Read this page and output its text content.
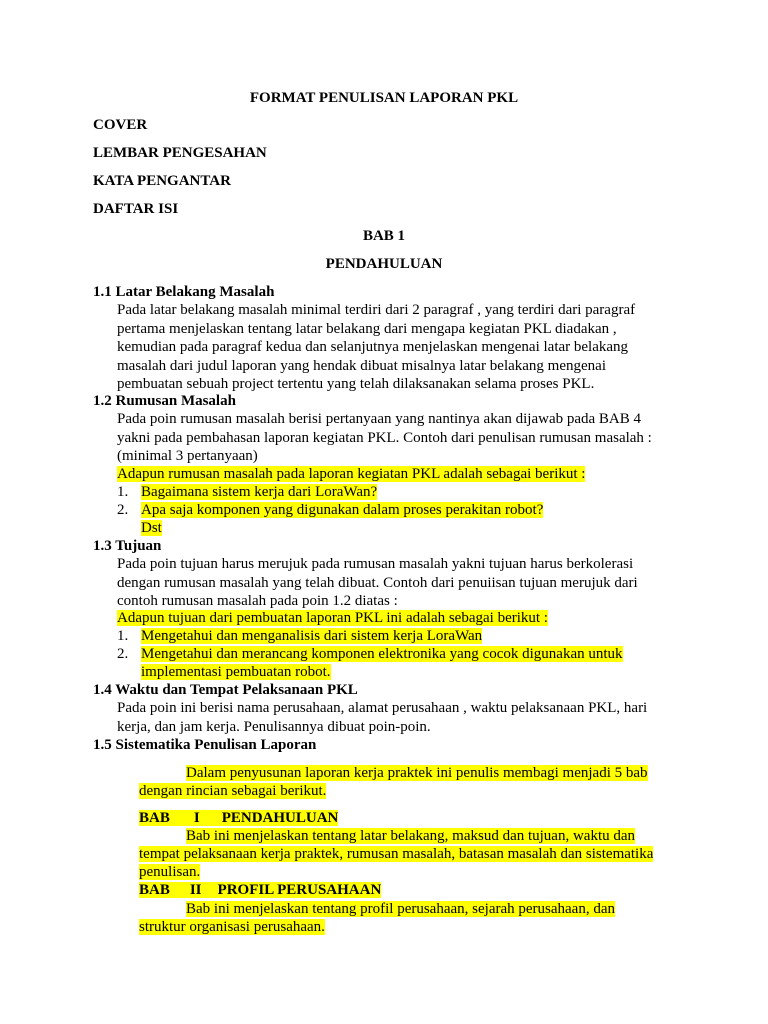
FORMAT PENULISAN LAPORAN PKL
COVER
LEMBAR PENGESAHAN
KATA PENGANTAR
DAFTAR ISI
BAB 1
PENDAHULUAN
1.1 Latar Belakang Masalah
Pada latar belakang masalah minimal terdiri dari 2 paragraf , yang terdiri dari paragraf
pertama menjelaskan tentang latar belakang dari mengapa kegiatan PKL diadakan ,
kemudian pada paragraf kedua dan selanjutnya menjelaskan mengenai latar belakang
masalah dari judul laporan yang hendak dibuat misalnya latar belakang mengenai
pembuatan sebuah project tertentu yang telah dilaksanakan selama proses PKL.
1.2 Rumusan Masalah
Pada poin rumusan masalah berisi pertanyaan yang nantinya akan dijawab pada BAB 4
yakni pada pembahasan laporan kegiatan PKL. Contoh dari penulisan rumusan masalah :
(minimal 3 pertanyaan)
Adapun rumusan masalah pada laporan kegiatan PKL adalah sebagai berikut :
1. Bagaimana sistem kerja dari LoraWan?
2. Apa saja komponen yang digunakan dalam proses perakitan robot?
Dst
1.3 Tujuan
Pada poin tujuan harus merujuk pada rumusan masalah yakni tujuan harus berkolerasi
dengan rumusan masalah yang telah dibuat. Contoh dari penuiisan tujuan merujuk dari
contoh rumusan masalah pada poin 1.2 diatas :
Adapun tujuan dari pembuatan laporan PKL ini adalah sebagai berikut :
1. Mengetahui dan menganalisis dari sistem kerja LoraWan
2. Mengetahui dan merancang komponen elektronika yang cocok digunakan untuk
implementasi pembuatan robot.
1.4 Waktu dan Tempat Pelaksanaan PKL
Pada poin ini berisi nama perusahaan, alamat perusahaan , waktu pelaksanaan PKL, hari
kerja, dan jam kerja. Penulisannya dibuat poin-poin.
1.5 Sistematika Penulisan Laporan
Dalam penyusunan laporan kerja praktek ini penulis membagi menjadi 5 bab
dengan rincian sebagai berikut.
BAB I PENDAHULUAN
Bab ini menjelaskan tentang latar belakang, maksud dan tujuan, waktu dan
tempat pelaksanaan kerja praktek, rumusan masalah, batasan masalah dan sistematika
penulisan.
BAB II PROFIL PERUSAHAAN
Bab ini menjelaskan tentang profil perusahaan, sejarah perusahaan, dan
struktur organisasi perusahaan.
